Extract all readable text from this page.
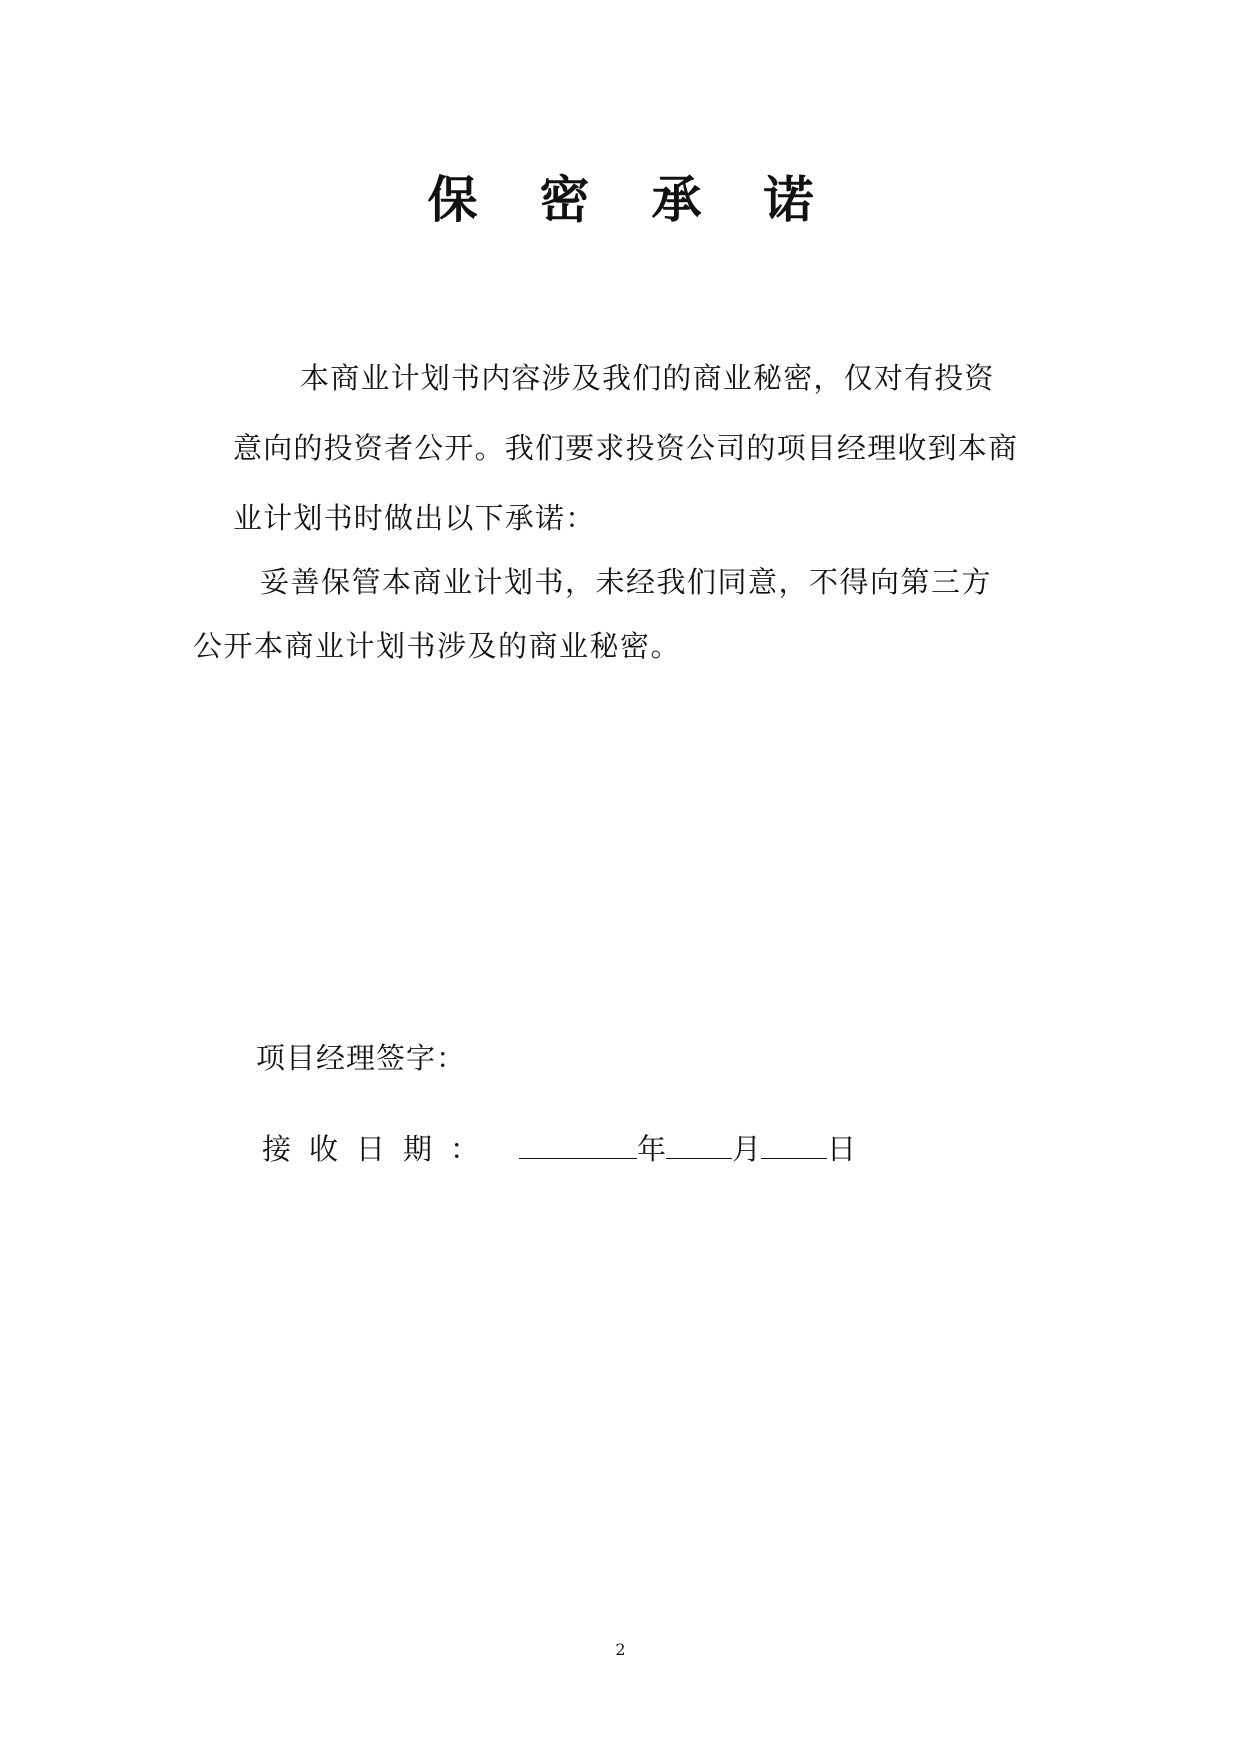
保 密 承 诺
本商业计划书内容涉及我们的商业秘密，仅对有投资
意向的投资者公开。我们要求投资公司的项目经理收到本商
业计划书时做出以下承诺：
妥善保管本商业计划书，未经我们同意，不得向第三方
公开本商业计划书涉及的商业秘密。
项目经理签字：
接收日期：	年 月 日
2
